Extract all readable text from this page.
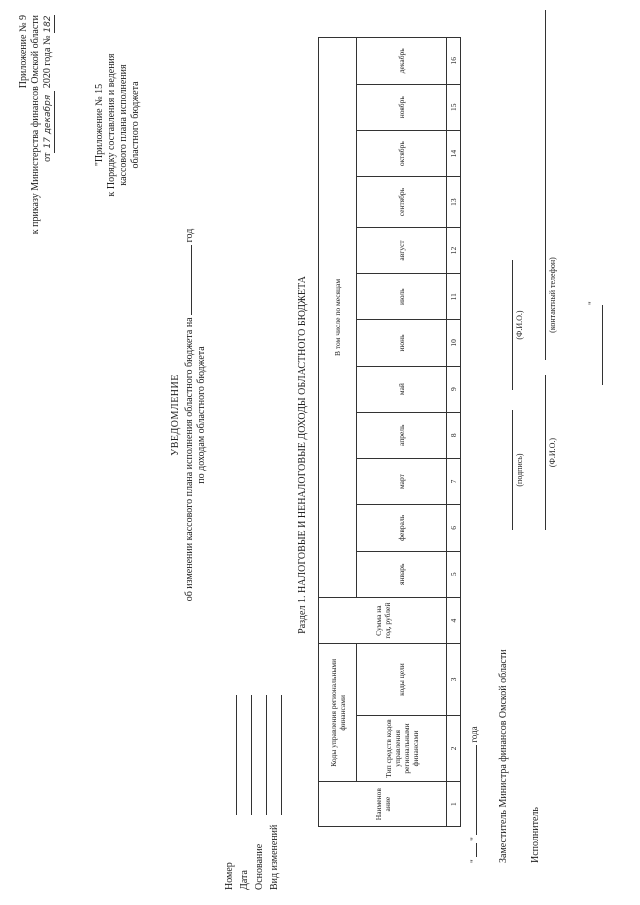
Приложение № 9 к приказу Министерства финансов Омской области от17 декабря 2020 года № 182
"Приложение № 15 к Порядку составления и ведения кассового плана исполнения областного бюджета
УВЕДОМЛЕНИЕ об изменении кассового плана исполнения областного бюджета на  год
по доходам областного бюджета
Номер Дата Основание Вид изменений
Раздел 1. НАЛОГОВЫЕ И НЕНАЛОГОВЫЕ ДОХОДЫ ОБЛАСТНОГО БЮДЖЕТА
Наименов ание	Коды управления региональными финансами		Сумма на год, рублей	В том числе по месяцам											
	Тип средств кодов управления региональными финансами	коды цели		январь	февраль	март	апрель	май	июнь	июль	август	сентябрь	октябрь	ноябрь	декабрь
1	2	3	4	5	6	7	8	9	10	11	12	13	14	15	16
"  "  года Заместитель Министра финансов Омской области
(подпись)
(Ф.И.О.)
Исполнитель
(Ф.И.О.)
(контактный телефон)	"
